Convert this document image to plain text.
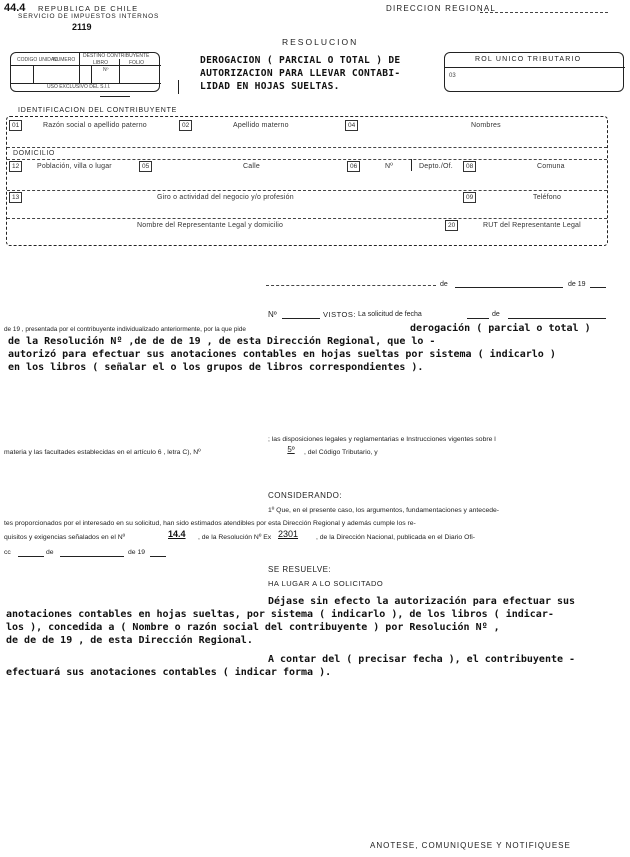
44.4 REPUBLICA DE CHILE
SERVICIO DE IMPUESTOS INTERNOS
2119
DIRECCION REGIONAL
CODIGO UNIDAD
NUMERO
DESTINO CONTRIBUYENTE
LIBRO	FOLIO
Nº
USO EXCLUSIVO DEL S.I.I.
RESOLUCION
DEROGACION ( PARCIAL O TOTAL ) DE
AUTORIZACION PARA LLEVAR CONTABI-
LIDAD EN HOJAS SUELTAS.
ROL UNICO TRIBUTARIO
03
IDENTIFICACION DEL CONTRIBUYENTE
01	Razón social o apellido paterno	02	Apellido materno	04	Nombres
DOMICILIO
12	Población, villa o lugar	05	Calle	06	Nº	Depto./Of.	08	Comuna
13	Giro o actividad del negocio y/o profesión	09	Teléfono
Nombre del Representante Legal y domicilio	20	RUT del Representante Legal
de	de 19
Nº	VISTOS: La solicitud de fecha	de
de 19 , presentada por el contribuyente individualizado anteriormente, por la que pide	derogación ( parcial o total )
de la Resolución Nº ,de de de 19 , de esta Dirección Regional, que lo -
autorizó para efectuar sus anotaciones contables en hojas sueltas por sistema ( indicarlo )
en los libros ( señalar el o los grupos de libros correspondientes ).
; las disposiciones legales y reglamentarias e Instrucciones vigentes sobre l
materia y las facultades establecidas en el artículo 6 , letra C), Nº	5º	, del Código Tributario, y
CONSIDERANDO:
1º Que, en el presente caso, los argumentos, fundamentaciones y antecede-
tes proporcionados por el interesado en su solicitud, han sido estimados atendibles por esta Dirección Regional y además cumple los re-
quisitos y exigencias señalados en el Nº	14.4 , de la Resolución Nº Ex 2301	, de la Dirección Nacional, publicada en el Diario Ofi-
cc	de	de 19
SE RESUELVE:
HA LUGAR A LO SOLICITADO
Déjase sin efecto la autorización para efectuar sus
anotaciones contables en hojas sueltas, por sistema ( indicarlo ), de los libros ( indicar-
los ), concedida a ( Nombre o razón social del contribuyente ) por Resolución Nº ,
de de de 19 , de esta Dirección Regional.
A contar del ( precisar fecha ), el contribuyente -
efectuará sus anotaciones contables ( indicar forma ).
ANOTESE, COMUNIQUESE Y NOTIFIQUESE
